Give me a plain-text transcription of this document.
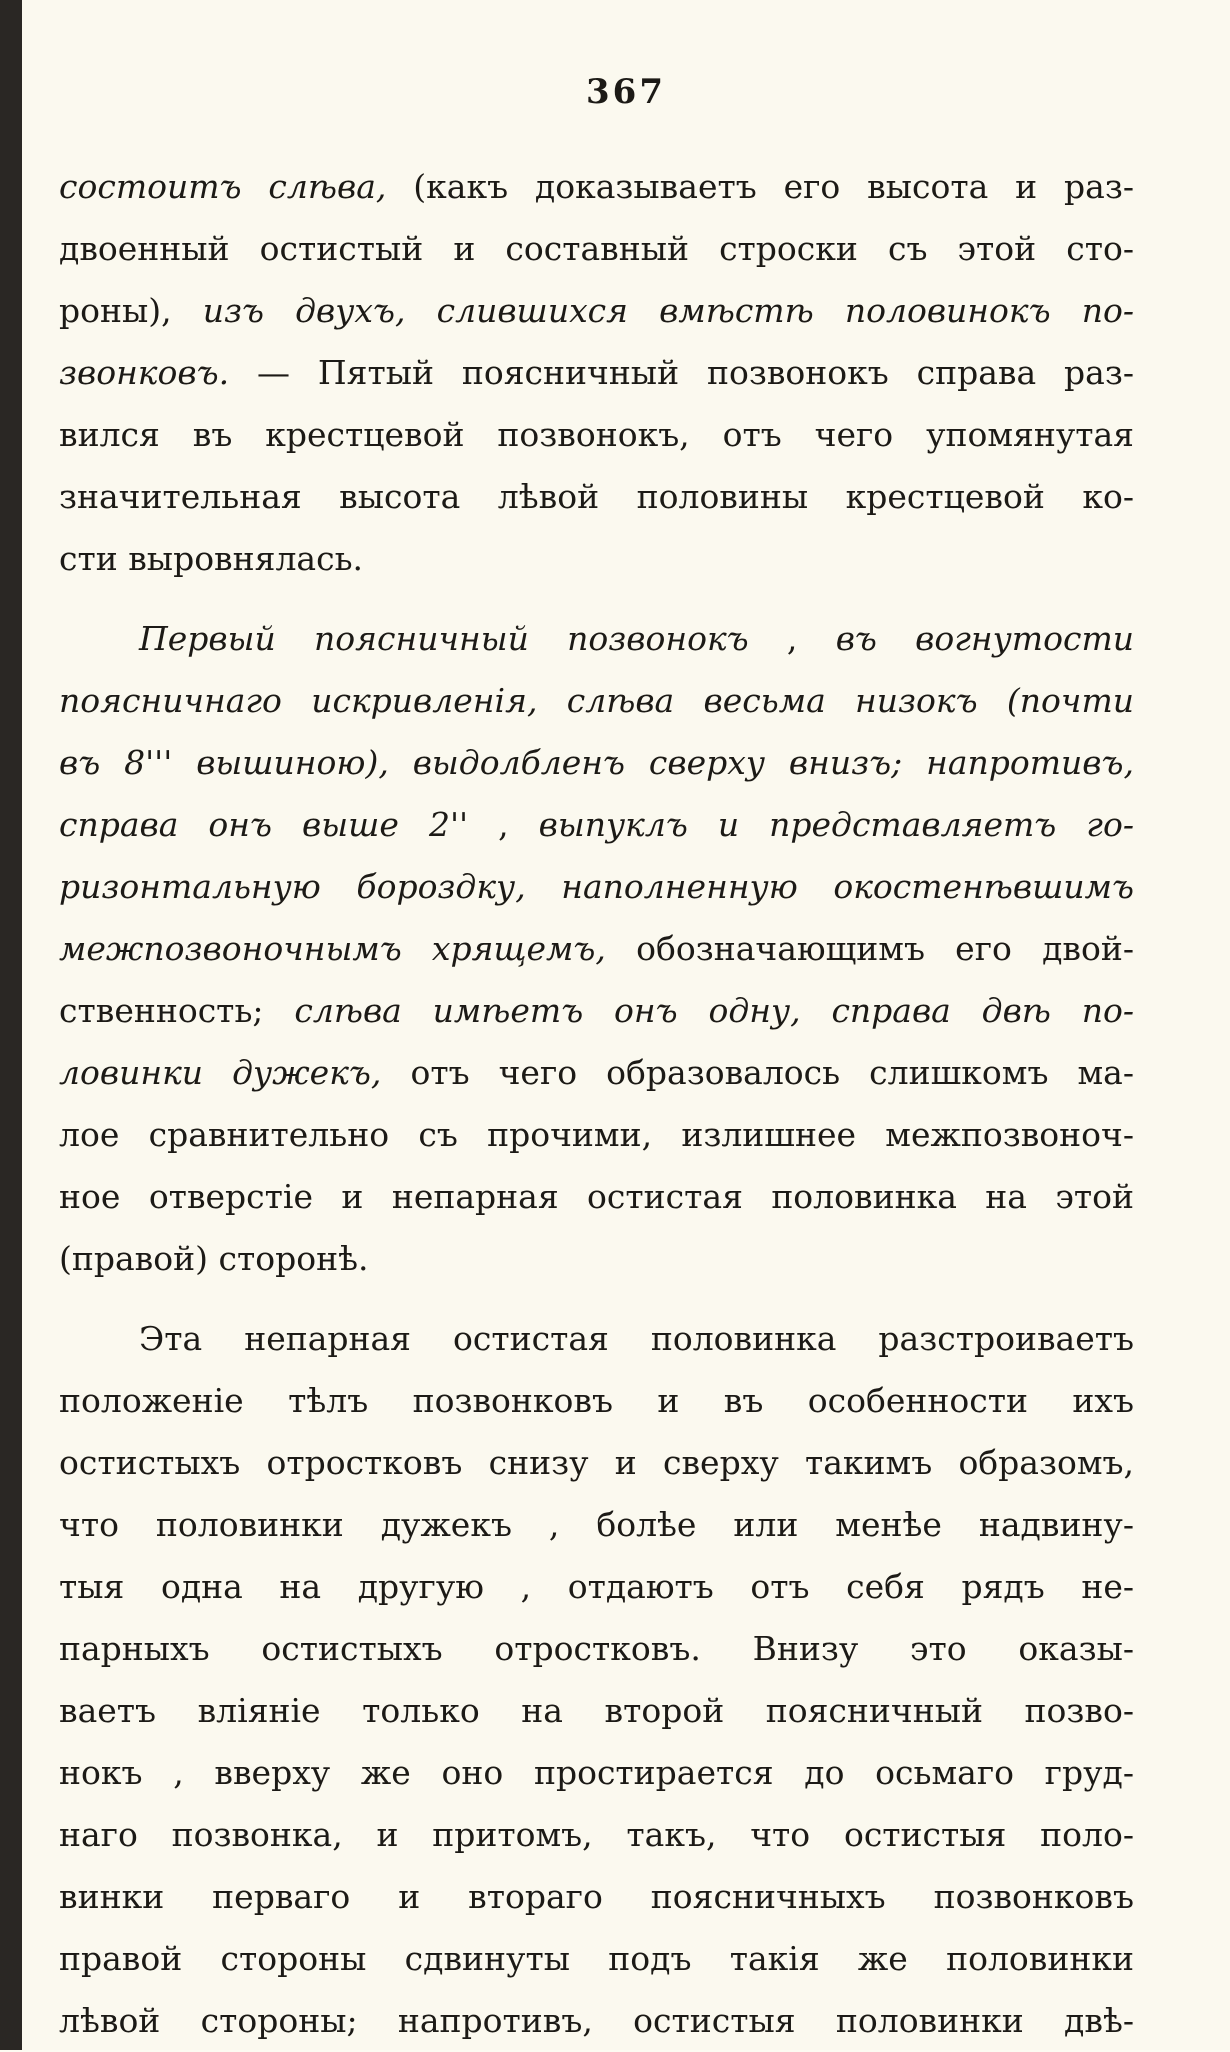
367
состоитъ слѣва, (какъ доказываетъ его высота и раз-
двоенный остистый и составный строски съ этой сто-
роны), изъ двухъ, слившихся вмѣстѣ половинокъ по-
звонковъ. — Пятый поясничный позвонокъ справа раз-
вился въ крестцевой позвонокъ, отъ чего упомянутая
значительная высота лѣвой половины крестцевой ко-
сти выровнялась.
Первый поясничный позвонокъ , въ вогнутости
поясничнаго искривленія, слѣва весьма низокъ (почти
въ 8''' вышиною), выдолбленъ сверху внизъ; напротивъ,
справа онъ выше 2'' , выпуклъ и представляетъ го-
ризонтальную бороздку, наполненную окостенѣвшимъ
межпозвоночнымъ хрящемъ, обозначающимъ его двой-
ственность; слѣва имѣетъ онъ одну, справа двѣ по-
ловинки дужекъ, отъ чего образовалось слишкомъ ма-
лое сравнительно съ прочими, излишнее межпозвоноч-
ное отверстіе и непарная остистая половинка на этой
(правой) сторонѣ.
Эта непарная остистая половинка разстроиваетъ
положеніе тѣлъ позвонковъ и въ особенности ихъ
остистыхъ отростковъ снизу и сверху такимъ образомъ,
что половинки дужекъ , болѣе или менѣе надвину-
тыя одна на другую , отдаютъ отъ себя рядъ не-
парныхъ остистыхъ отростковъ. Внизу это оказы-
ваетъ вліяніе только на второй поясничный позво-
нокъ , вверху же оно простирается до осьмаго груд-
наго позвонка, и притомъ, такъ, что остистыя поло-
винки перваго и втораго поясничныхъ позвонковъ
правой стороны сдвинуты подъ такія же половинки
лѣвой стороны; напротивъ, остистыя половинки двѣ-
